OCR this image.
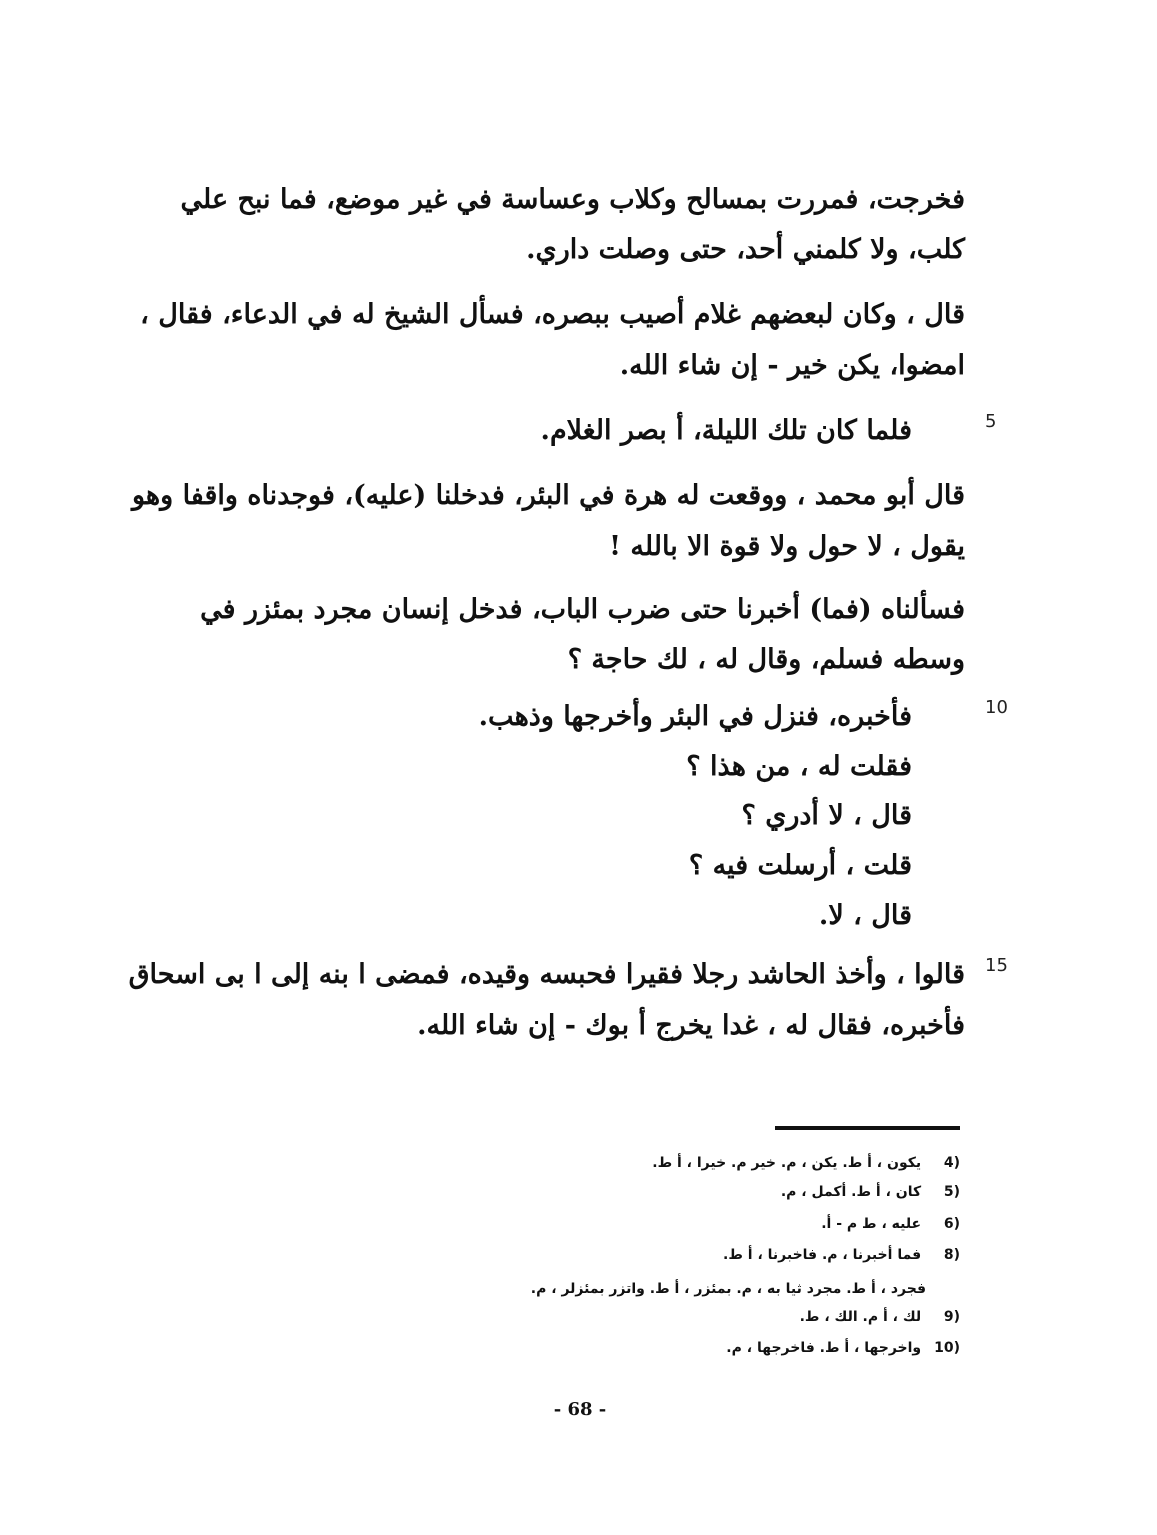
فخرجت، فمررت بمسالح وكلاب وعساسة في غير موضع، فما نبح علي
كلب، ولا كلمني أحد، حتى وصلت داري.
قال ، وكان لبعضهم غلام أصيب ببصره، فسأل الشيخ له في الدعاء، فقال ،
امضوا، يكن خير - إن شاء الله.
فلما كان تلك الليلة، أ بصر الغلام.	5
قال أبو محمد ، ووقعت له هرة في البئر، فدخلنا (عليه)، فوجدناه واقفا وهو
يقول ، لا حول ولا قوة الا بالله !
فسألناه (فما) أخبرنا حتى ضرب الباب، فدخل إنسان مجرد بمئزر في
وسطه فسلم، وقال له ، لك حاجة ؟
فأخبره، فنزل في البئر وأخرجها وذهب.	10
فقلت له ، من هذا ؟
قال ، لا أدري ؟
قلت ، أرسلت فيه ؟
قال ، لا.
قالوا ، وأخذ الحاشد رجلا فقيرا فحبسه وقيده، فمضى ا بنه إلى ا بى اسحاق 15
فأخبره، فقال له ، غدا يخرج أ بوك - إن شاء الله.
4) يكون ، أ ط. يكن ، م. خير م. خيرا ، أ ط.
5) كان ، أ ط. أكمل ، م.
6) عليه ، ط م - أ.
8) فما أخبرنا ، م. فاخبرنا ، أ ط.
فجرد ، أ ط. مجرد ثيا به ، م. بمئزر ، أ ط. واتزر بمئزلر ، م.
9) لك ، أ م. الك ، ط.
10) واخرجها ، أ ط. فاخرجها ، م.
- 68 -
